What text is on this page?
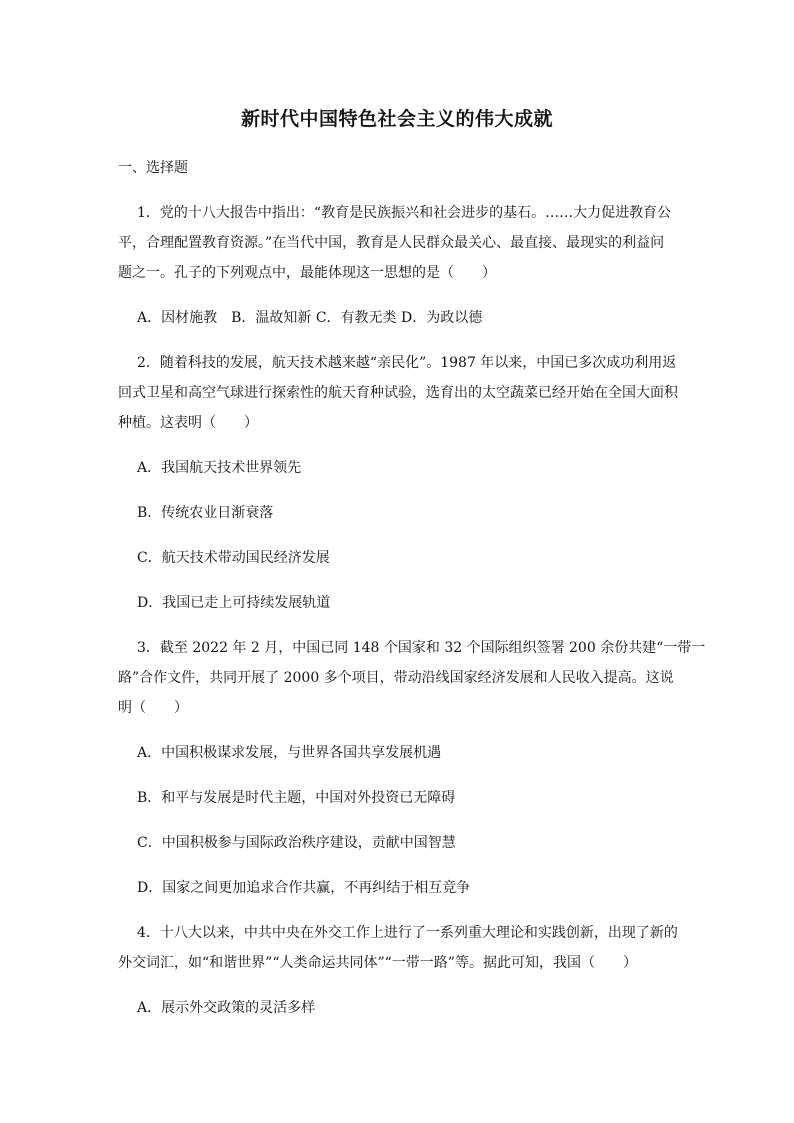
新时代中国特色社会主义的伟大成就
一、选择题
1．党的十八大报告中指出：“教育是民族振兴和社会进步的基石。……大力促进教育公
平，合理配置教育资源。”在当代中国，教育是人民群众最关心、最直接、最现实的利益问
题之一。孔子的下列观点中，最能体现这一思想的是（　　）
A．因材施教　B．温故知新 C．有教无类 D．为政以德
2．随着科技的发展，航天技术越来越“亲民化”。1987 年以来，中国已多次成功利用返
回式卫星和高空气球进行探索性的航天育种试验，选育出的太空蔬菜已经开始在全国大面积
种植。这表明（　　）
A．我国航天技术世界领先
B．传统农业日渐衰落
C．航天技术带动国民经济发展
D．我国已走上可持续发展轨道
3．截至 2022 年 2 月，中国已同 148 个国家和 32 个国际组织签署 200 余份共建“一带一
路”合作文件，共同开展了 2000 多个项目，带动沿线国家经济发展和人民收入提高。这说
明（　　）
A．中国积极谋求发展，与世界各国共享发展机遇
B．和平与发展是时代主题，中国对外投资已无障碍
C．中国积极参与国际政治秩序建设，贡献中国智慧
D．国家之间更加追求合作共赢，不再纠结于相互竞争
4．十八大以来，中共中央在外交工作上进行了一系列重大理论和实践创新，出现了新的
外交词汇，如“和谐世界”“人类命运共同体”“一带一路”等。据此可知，我国（　　）
A．展示外交政策的灵活多样
